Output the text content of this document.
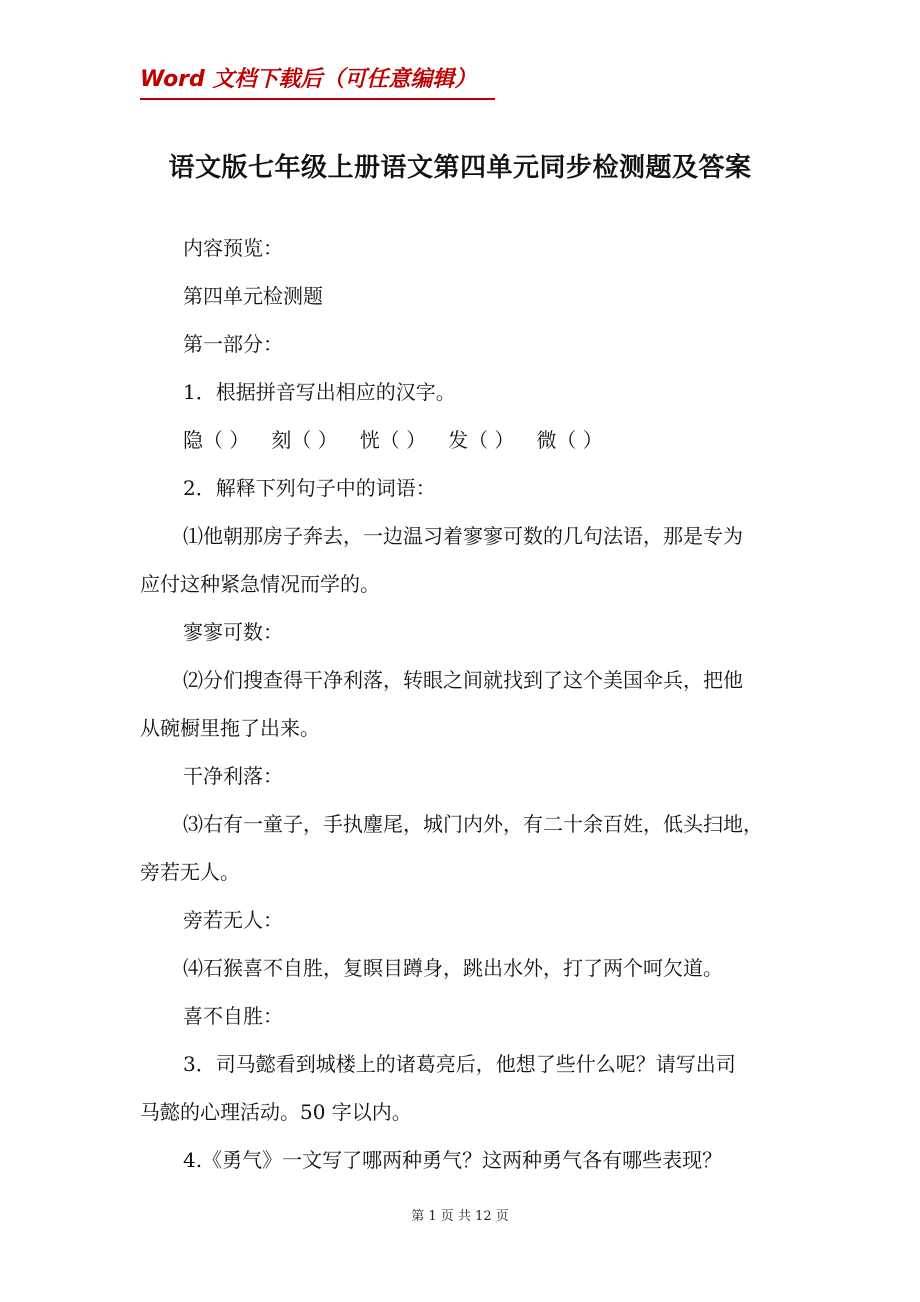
Word 文档下载后（可任意编辑）
语文版七年级上册语文第四单元同步检测题及答案

内容预览：

第四单元检测题

第一部分：

1．根据拼音写出相应的汉字。

隐（ ） 刻（ ） 恍（ ） 发（ ） 微（ ）

2．解释下列句子中的词语：

⑴他朝那房子奔去，一边温习着寥寥可数的几句法语，那是专为

应付这种紧急情况而学的。

寥寥可数：

⑵分们搜查得干净利落，转眼之间就找到了这个美国伞兵，把他

从碗橱里拖了出来。

干净利落：

⑶右有一童子，手执麈尾，城门内外，有二十余百姓，低头扫地，

旁若无人。

旁若无人：

⑷石猴喜不自胜，复瞑目蹲身，跳出水外，打了两个呵欠道。

喜不自胜：

3．司马懿看到城楼上的诸葛亮后，他想了些什么呢？请写出司

马懿的心理活动。50 字以内。

4.《勇气》一文写了哪两种勇气？这两种勇气各有哪些表现？

第 1 页 共 12 页
